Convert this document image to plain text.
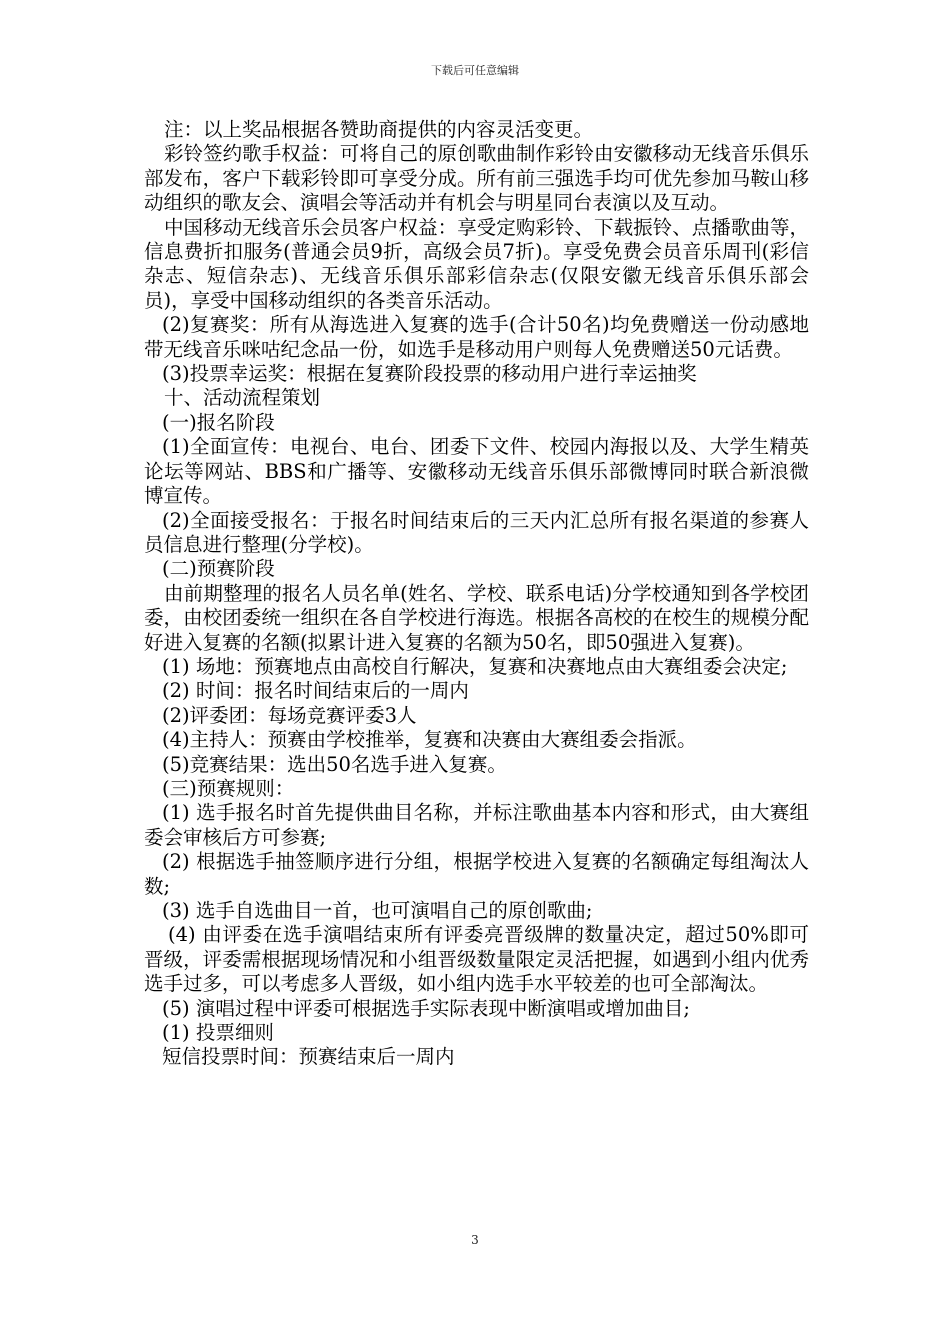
下载后可任意编辑

注：以上奖品根据各赞助商提供的内容灵活变更。

彩铃签约歌手权益：可将自己的原创歌曲制作彩铃由安徽移动无线音乐俱乐部发布，客户下载彩铃即可享受分成。所有前三强选手均可优先参加马鞍山移动组织的歌友会、演唱会等活动并有机会与明星同台表演以及互动。

中国移动无线音乐会员客户权益：享受定购彩铃、下载振铃、点播歌曲等，信息费折扣服务(普通会员9折，高级会员7折)。享受免费会员音乐周刊(彩信杂志、短信杂志)、无线音乐俱乐部彩信杂志(仅限安徽无线音乐俱乐部会员)，享受中国移动组织的各类音乐活动。

(2)复赛奖：所有从海选进入复赛的选手(合计50名)均免费赠送一份动感地带无线音乐咪咕纪念品一份，如选手是移动用户则每人免费赠送50元话费。

(3)投票幸运奖：根据在复赛阶段投票的移动用户进行幸运抽奖

十、活动流程策划

(一)报名阶段

(1)全面宣传：电视台、电台、团委下文件、校园内海报以及、大学生精英论坛等网站、BBS和广播等、安徽移动无线音乐俱乐部微博同时联合新浪微博宣传。

(2)全面接受报名：于报名时间结束后的三天内汇总所有报名渠道的参赛人员信息进行整理(分学校)。

(二)预赛阶段

由前期整理的报名人员名单(姓名、学校、联系电话)分学校通知到各学校团委，由校团委统一组织在各自学校进行海选。根据各高校的在校生的规模分配好进入复赛的名额(拟累计进入复赛的名额为50名，即50强进入复赛)。

(1) 场地：预赛地点由高校自行解决，复赛和决赛地点由大赛组委会决定;

(2) 时间：报名时间结束后的一周内

(2)评委团：每场竞赛评委3人

(4)主持人：预赛由学校推举，复赛和决赛由大赛组委会指派。

(5)竞赛结果：选出50名选手进入复赛。

(三)预赛规则：

(1) 选手报名时首先提供曲目名称，并标注歌曲基本内容和形式，由大赛组委会审核后方可参赛;

(2) 根据选手抽签顺序进行分组，根据学校进入复赛的名额确定每组淘汰人数;

(3) 选手自选曲目一首，也可演唱自己的原创歌曲;

(4) 由评委在选手演唱结束所有评委亮晋级牌的数量决定，超过50%即可晋级，评委需根据现场情况和小组晋级数量限定灵活把握，如遇到小组内优秀选手过多，可以考虑多人晋级，如小组内选手水平较差的也可全部淘汰。

(5) 演唱过程中评委可根据选手实际表现中断演唱或增加曲目;

(1) 投票细则

短信投票时间：预赛结束后一周内

3
